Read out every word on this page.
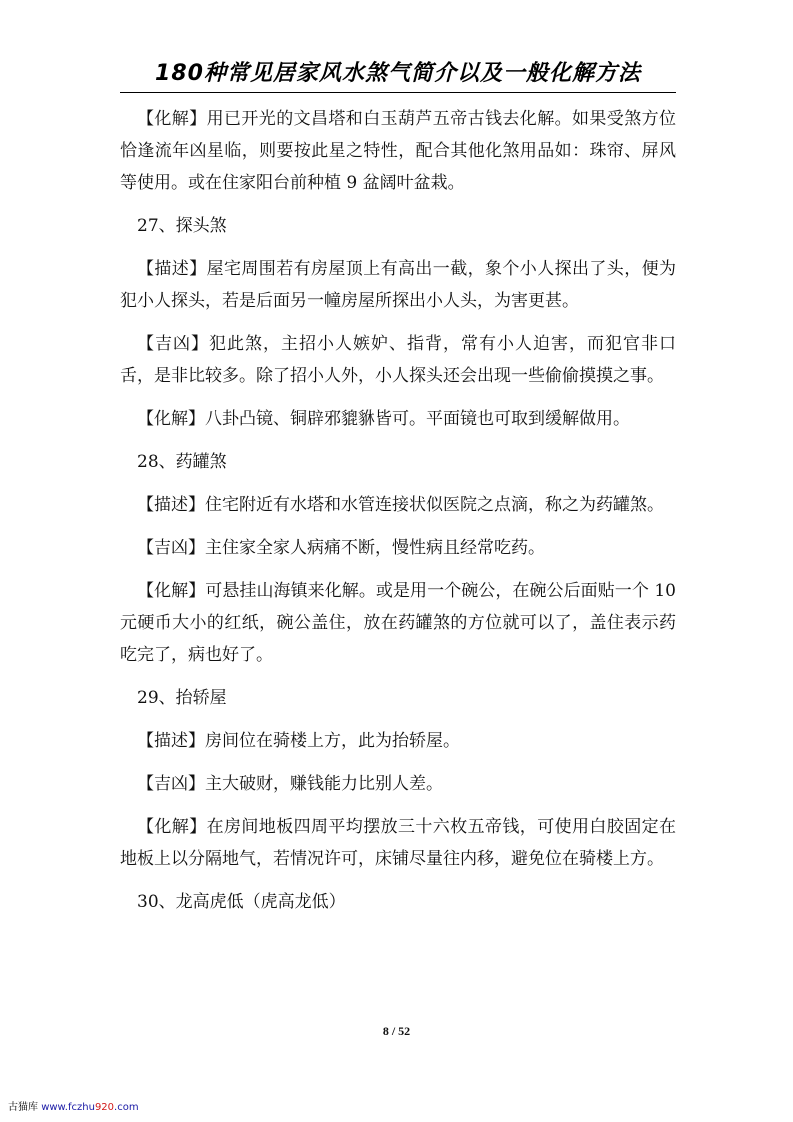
180种常见居家风水煞气简介以及一般化解方法

【化解】用已开光的文昌塔和白玉葫芦五帝古钱去化解。如果受煞方位恰逢流年凶星临，则要按此星之特性，配合其他化煞用品如：珠帘、屏风等使用。或在住家阳台前种植 9 盆阔叶盆栽。

27、探头煞

【描述】屋宅周围若有房屋顶上有高出一截，象个小人探出了头，便为犯小人探头，若是后面另一幢房屋所探出小人头，为害更甚。

【吉凶】犯此煞，主招小人嫉妒、指背，常有小人迫害，而犯官非口舌，是非比较多。除了招小人外，小人探头还会出现一些偷偷摸摸之事。

【化解】八卦凸镜、铜辟邪貔貅皆可。平面镜也可取到缓解做用。

28、药罐煞

【描述】住宅附近有水塔和水管连接状似医院之点滴，称之为药罐煞。

【吉凶】主住家全家人病痛不断，慢性病且经常吃药。

【化解】可悬挂山海镇来化解。或是用一个碗公，在碗公后面贴一个 10 元硬币大小的红纸，碗公盖住，放在药罐煞的方位就可以了，盖住表示药吃完了，病也好了。

29、抬轿屋

【描述】房间位在骑楼上方，此为抬轿屋。

【吉凶】主大破财，赚钱能力比别人差。

【化解】在房间地板四周平均摆放三十六枚五帝钱，可使用白胶固定在地板上以分隔地气，若情况许可，床铺尽量往内移，避免位在骑楼上方。

30、龙高虎低（虎高龙低）

8 / 52
古猫库 www.fczhu920.com
